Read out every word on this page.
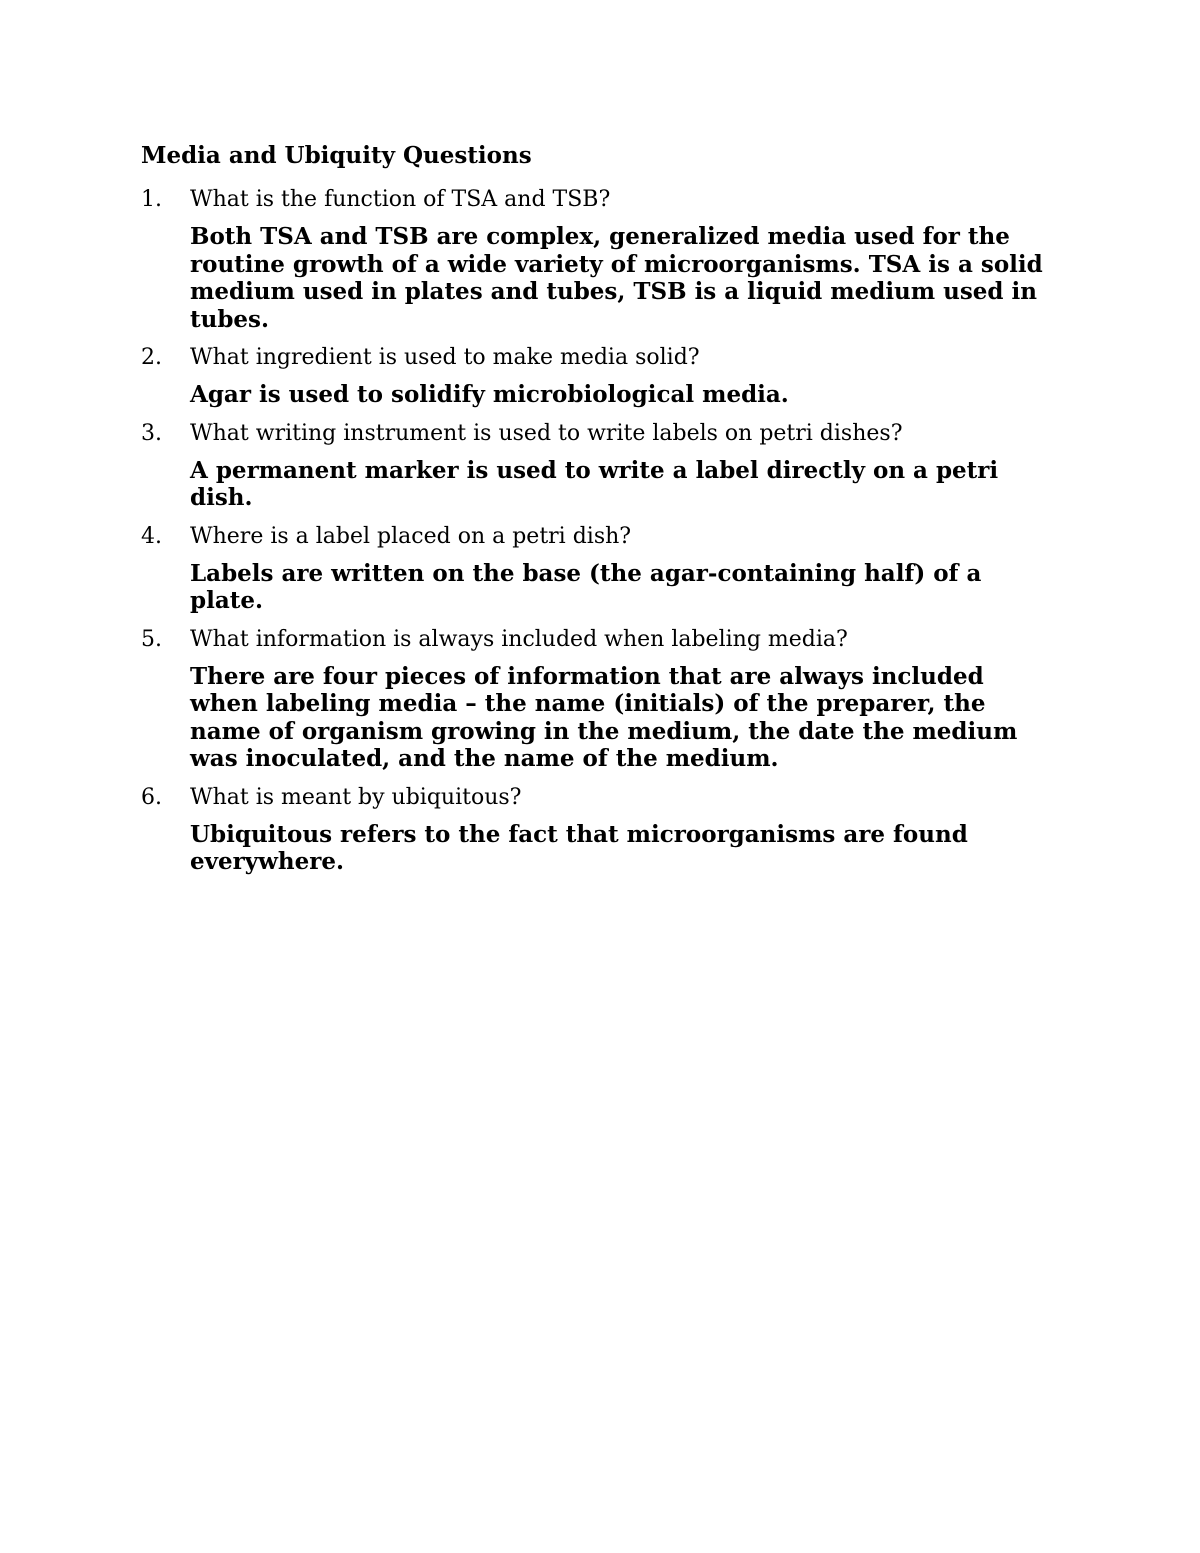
Media and Ubiquity Questions
1.	What is the function of TSA and TSB?
Both TSA and TSB are complex, generalized media used for the routine growth of a wide variety of microorganisms. TSA is a solid medium used in plates and tubes, TSB is a liquid medium used in tubes.
2.	What ingredient is used to make media solid?
Agar is used to solidify microbiological media.
3.	What writing instrument is used to write labels on petri dishes?
A permanent marker is used to write a label directly on a petri dish.
4.	Where is a label placed on a petri dish?
Labels are written on the base (the agar-containing half) of a plate.
5.	What information is always included when labeling media?
There are four pieces of information that are always included when labeling media – the name (initials) of the preparer, the name of organism growing in the medium, the date the medium was inoculated, and the name of the medium.
6.	What is meant by ubiquitous?
Ubiquitous refers to the fact that microorganisms are found everywhere.
